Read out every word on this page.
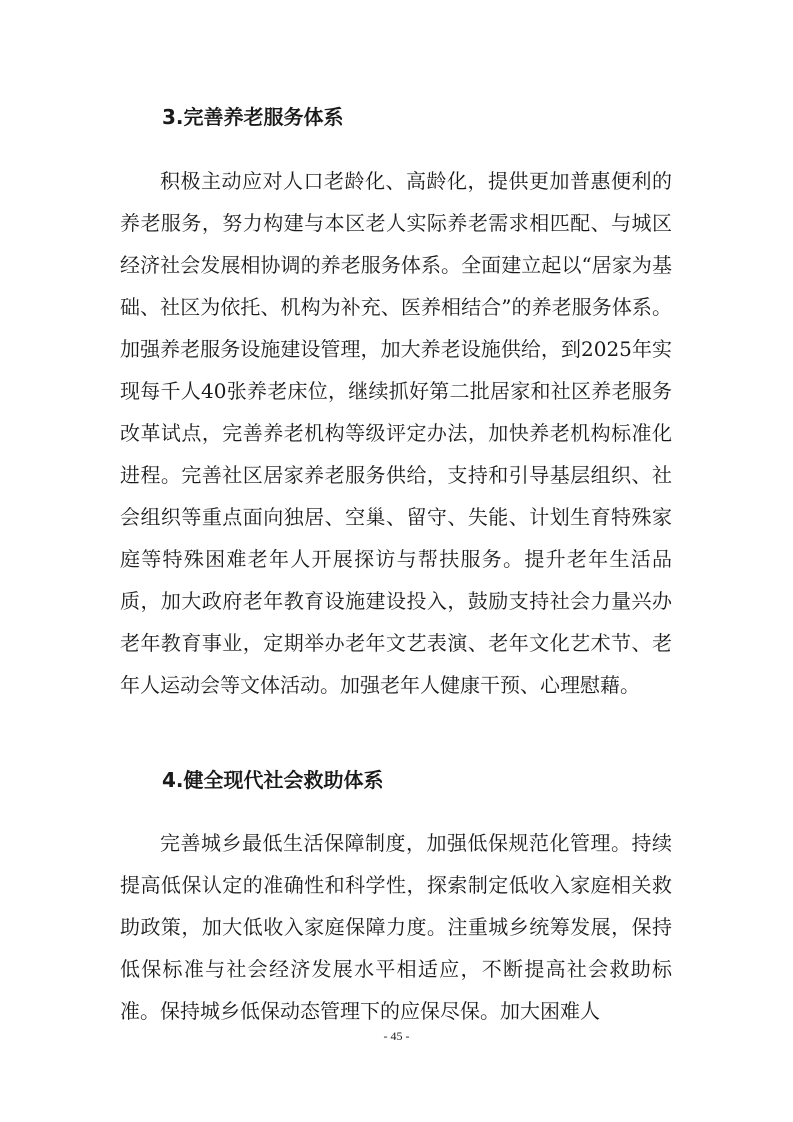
3.完善养老服务体系

积极主动应对人口老龄化、高龄化，提供更加普惠便利的养老服务，努力构建与本区老人实际养老需求相匹配、与城区经济社会发展相协调的养老服务体系。全面建立起以“居家为基础、社区为依托、机构为补充、医养相结合”的养老服务体系。加强养老服务设施建设管理，加大养老设施供给，到2025年实现每千人40张养老床位，继续抓好第二批居家和社区养老服务改革试点，完善养老机构等级评定办法，加快养老机构标准化进程。完善社区居家养老服务供给，支持和引导基层组织、社会组织等重点面向独居、空巢、留守、失能、计划生育特殊家庭等特殊困难老年人开展探访与帮扶服务。提升老年生活品质，加大政府老年教育设施建设投入，鼓励支持社会力量兴办老年教育事业，定期举办老年文艺表演、老年文化艺术节、老年人运动会等文体活动。加强老年人健康干预、心理慰藉。

4.健全现代社会救助体系

完善城乡最低生活保障制度，加强低保规范化管理。持续提高低保认定的准确性和科学性，探索制定低收入家庭相关救助政策，加大低收入家庭保障力度。注重城乡统筹发展，保持低保标准与社会经济发展水平相适应，不断提高社会救助标准。保持城乡低保动态管理下的应保尽保。加大困难人

- 45 -
